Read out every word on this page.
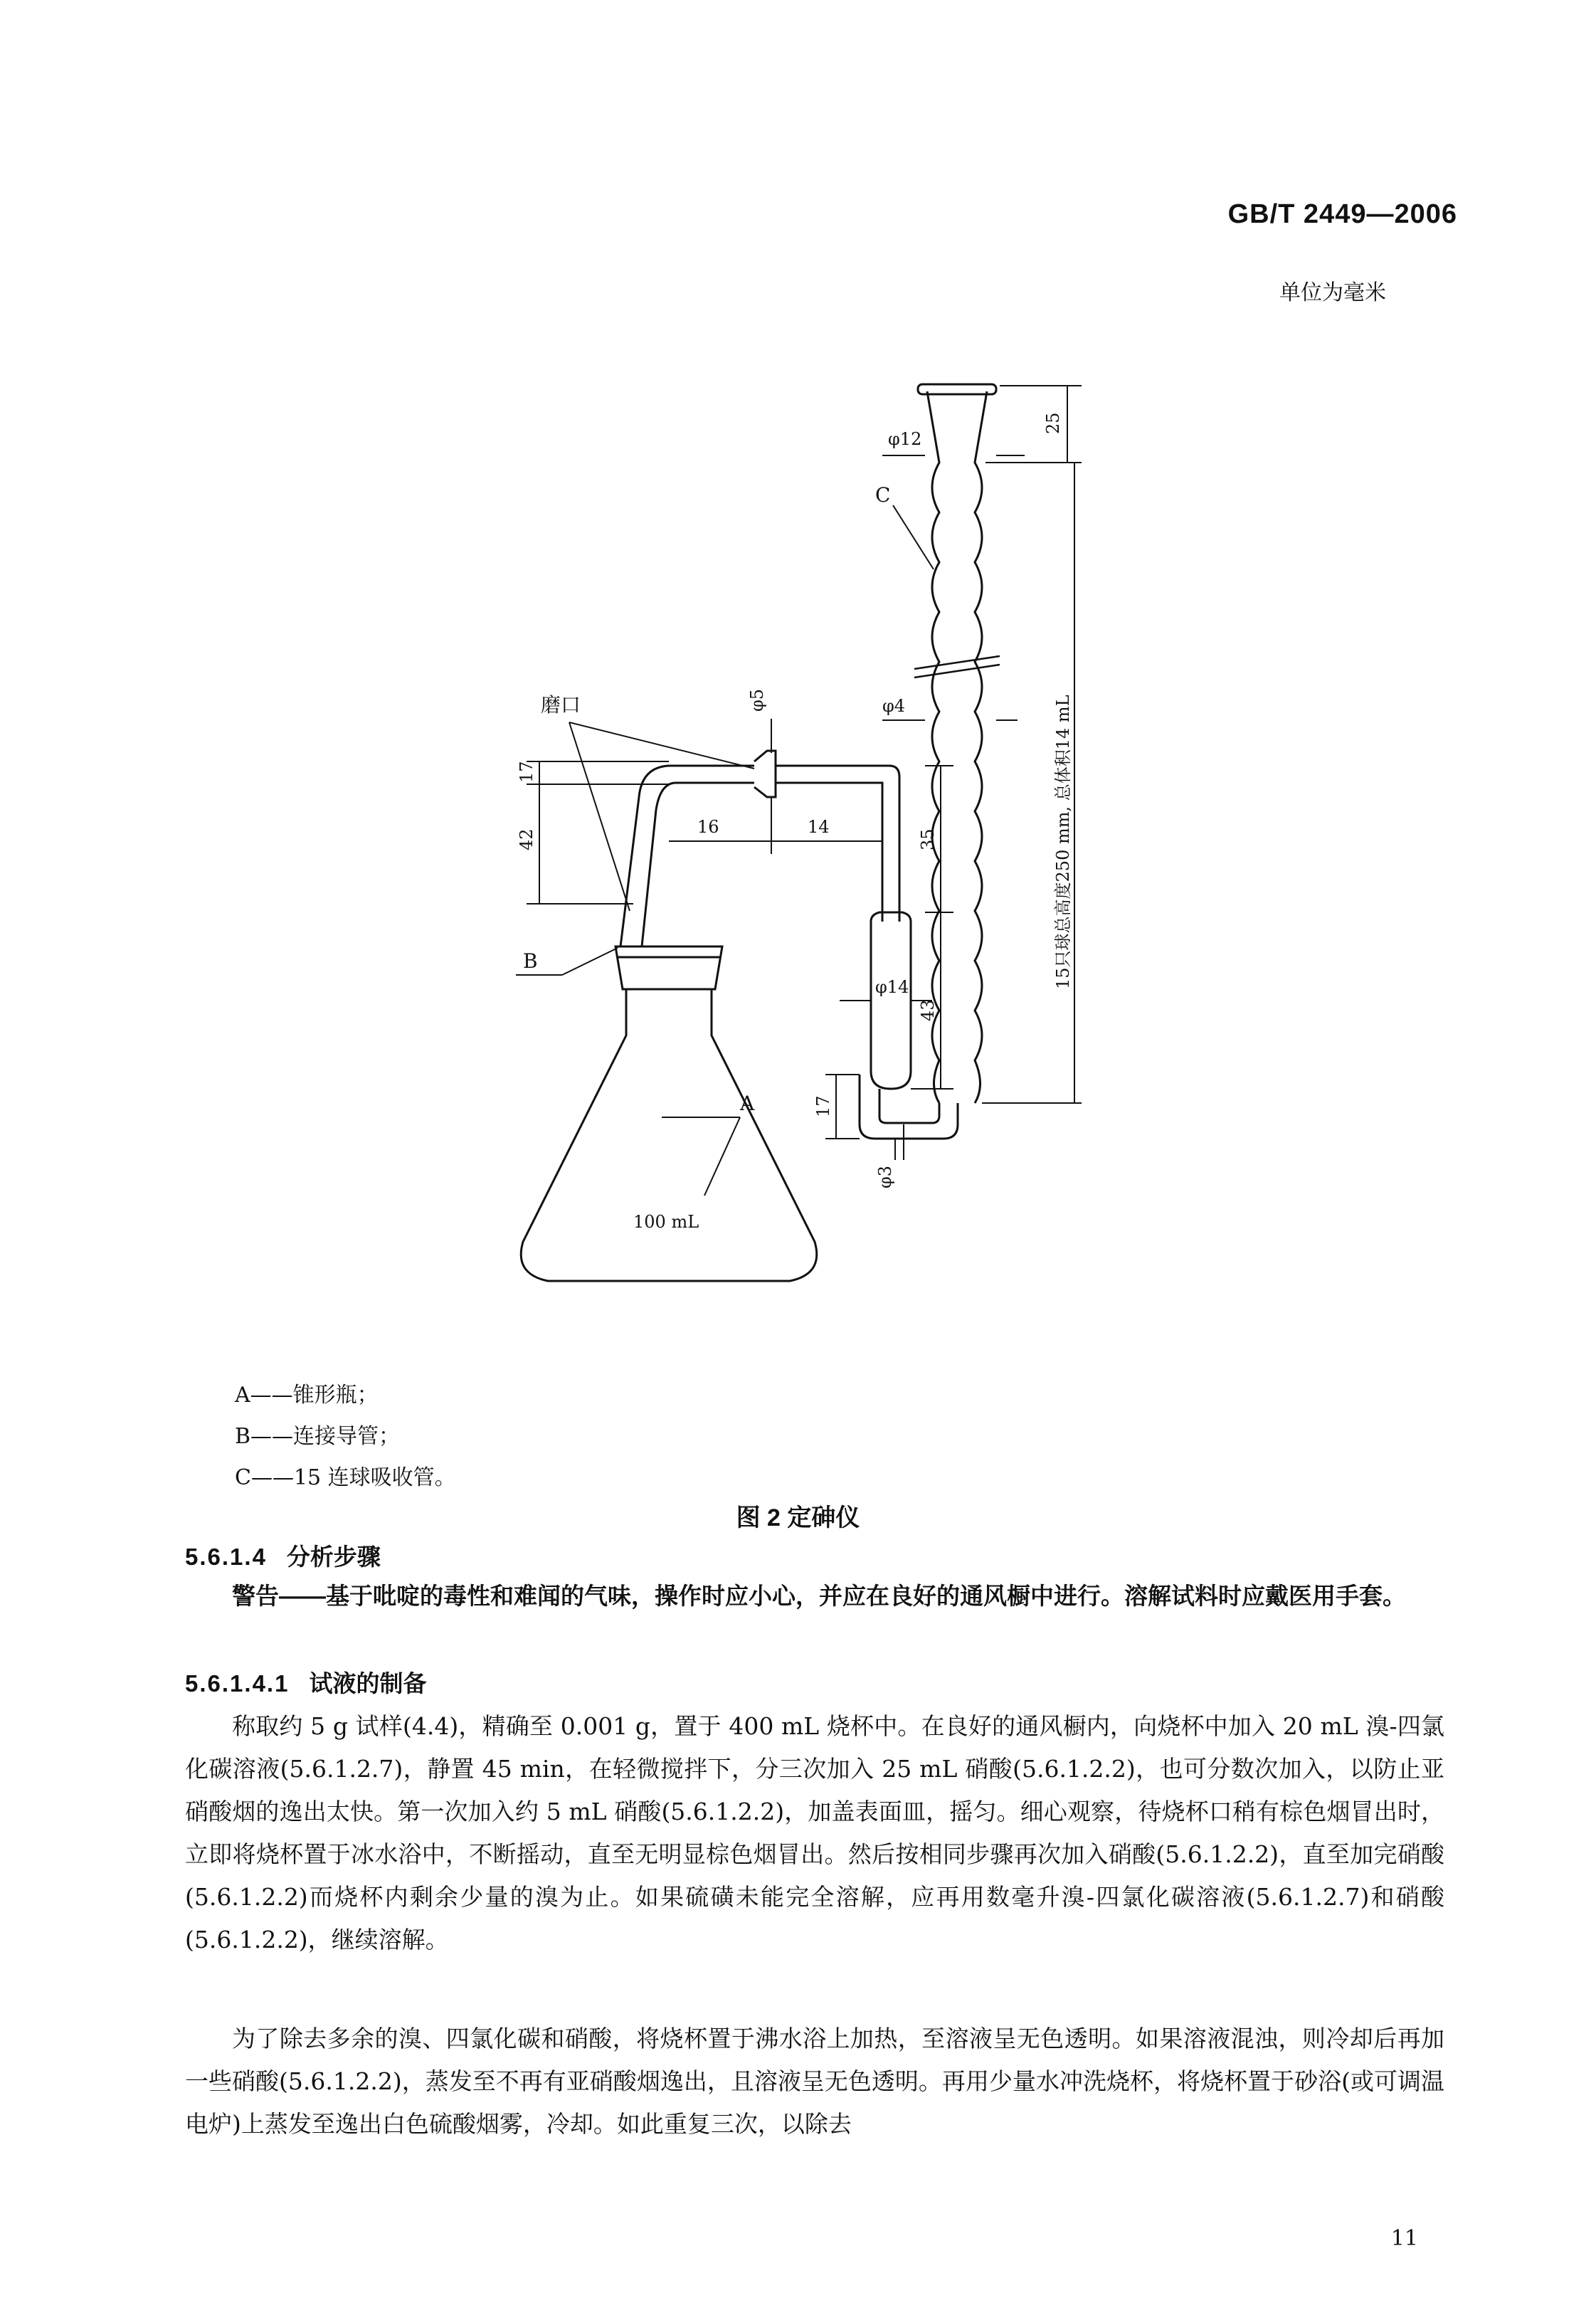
GB/T 2449—2006
单位为毫米
磨口
A
B
C
100 mL
φ12
φ4
16	14
φ14
25
φ5
17
42	35
43
17
φ3
15只球总高度250 mm, 总体积14 mL
A——锥形瓶；
B——连接导管；
C——15 连球吸收管。
图 2 定砷仪
5.6.1.4 分析步骤
警告——基于吡啶的毒性和难闻的气味，操作时应小心，并应在良好的通风橱中进行。溶解试料时应戴医用手套。
5.6.1.4.1 试液的制备
称取约 5 g 试样(4.4)，精确至 0.001 g，置于 400 mL 烧杯中。在良好的通风橱内，向烧杯中加入 20 mL 溴-四氯化碳溶液(5.6.1.2.7)，静置 45 min，在轻微搅拌下，分三次加入 25 mL 硝酸(5.6.1.2.2)，也可分数次加入，以防止亚硝酸烟的逸出太快。第一次加入约 5 mL 硝酸(5.6.1.2.2)，加盖表面皿，摇匀。细心观察，待烧杯口稍有棕色烟冒出时，立即将烧杯置于冰水浴中，不断摇动，直至无明显棕色烟冒出。然后按相同步骤再次加入硝酸(5.6.1.2.2)，直至加完硝酸(5.6.1.2.2)而烧杯内剩余少量的溴为止。如果硫磺未能完全溶解，应再用数毫升溴-四氯化碳溶液(5.6.1.2.7)和硝酸(5.6.1.2.2)，继续溶解。
为了除去多余的溴、四氯化碳和硝酸，将烧杯置于沸水浴上加热，至溶液呈无色透明。如果溶液混浊，则冷却后再加一些硝酸(5.6.1.2.2)，蒸发至不再有亚硝酸烟逸出，且溶液呈无色透明。再用少量水冲洗烧杯，将烧杯置于砂浴(或可调温电炉)上蒸发至逸出白色硫酸烟雾，冷却。如此重复三次，以除去
11
